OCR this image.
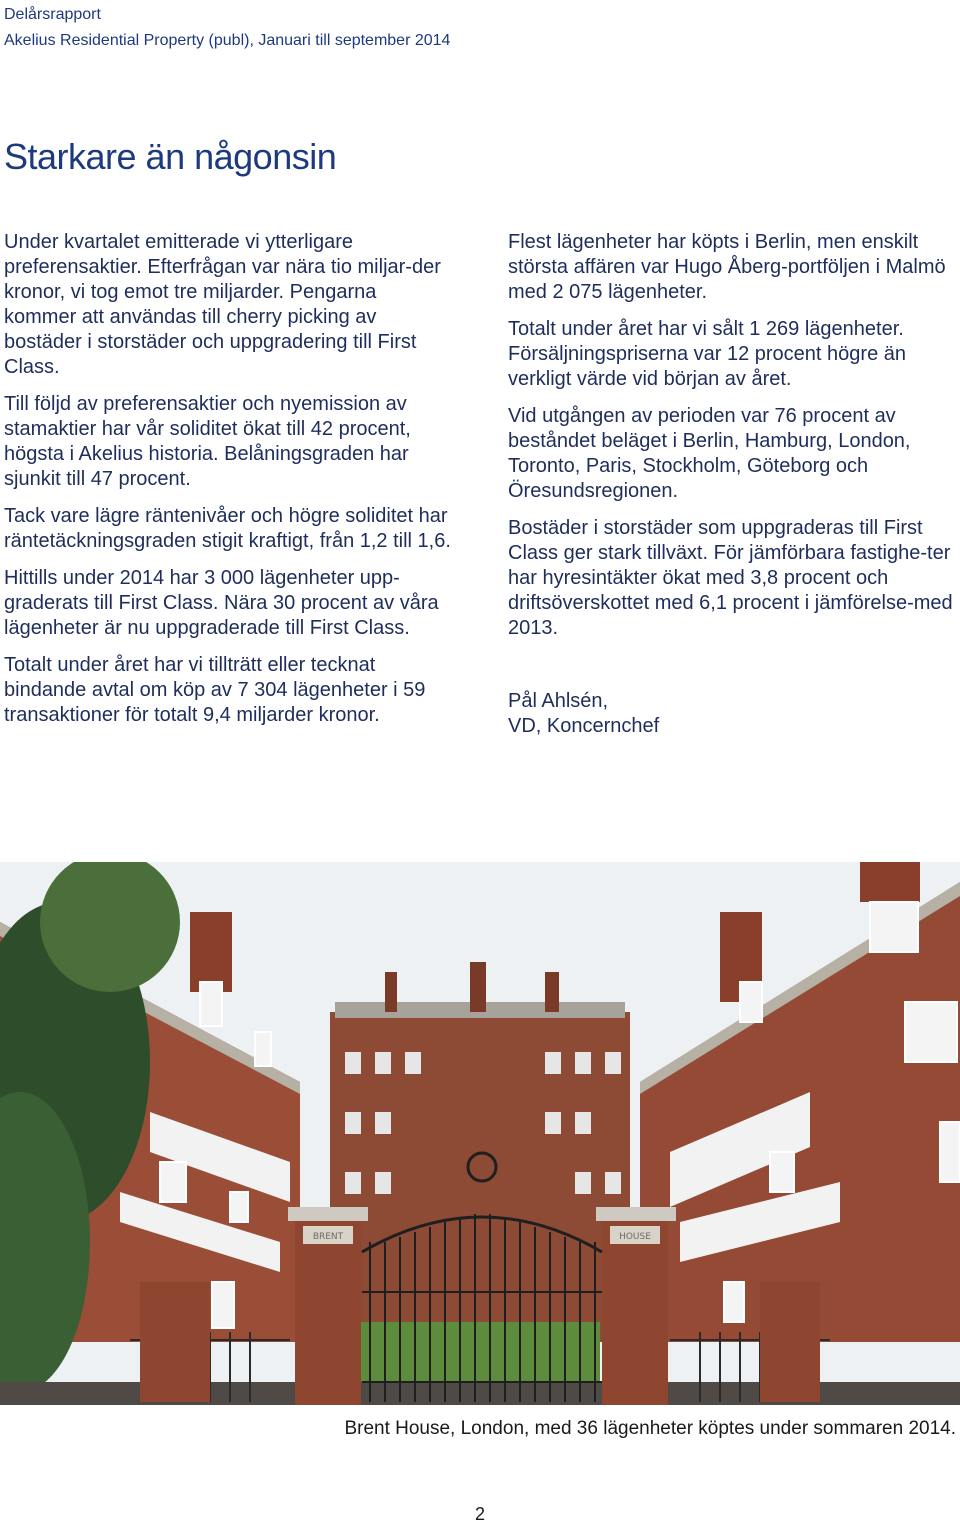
Delårsrapport
Akelius Residential Property (publ), Januari till september 2014
Starkare än någonsin

Under kvartalet emitterade vi ytterligare preferensaktier. Efterfrågan var nära tio miljar-der kronor, vi tog emot tre miljarder. Pengarna kommer att användas till cherry picking av bostäder i storstäder och uppgradering till First Class.

Till följd av preferensaktier och nyemission av stamaktier har vår soliditet ökat till 42 procent, högsta i Akelius historia. Belåningsgraden har sjunkit till 47 procent.

Tack vare lägre räntenivåer och högre soliditet har räntetäckningsgraden stigit kraftigt, från 1,2 till 1,6.

Hittills under 2014 har 3 000 lägenheter upp-graderats till First Class. Nära 30 procent av våra lägenheter är nu uppgraderade till First Class.

Totalt under året har vi tillträtt eller tecknat bindande avtal om köp av 7 304 lägenheter i 59 transaktioner för totalt 9,4 miljarder kronor.

Flest lägenheter har köpts i Berlin, men enskilt största affären var Hugo Åberg-portföljen i Malmö med 2 075 lägenheter.

Totalt under året har vi sålt 1 269 lägenheter. Försäljningspriserna var 12 procent högre än verkligt värde vid början av året.

Vid utgången av perioden var 76 procent av beståndet beläget i Berlin, Hamburg, London, Toronto, Paris, Stockholm, Göteborg och Öresundsregionen.

Bostäder i storstäder som uppgraderas till First Class ger stark tillväxt. För jämförbara fastighe-ter har hyresintäkter ökat med 3,8 procent och driftsöverskottet med 6,1 procent i jämförelse-med 2013.

Pål Ahlsén,
VD, Koncernchef

BRENT	HOUSE
Brent House, London, med 36 lägenheter köptes under sommaren 2014.
2
